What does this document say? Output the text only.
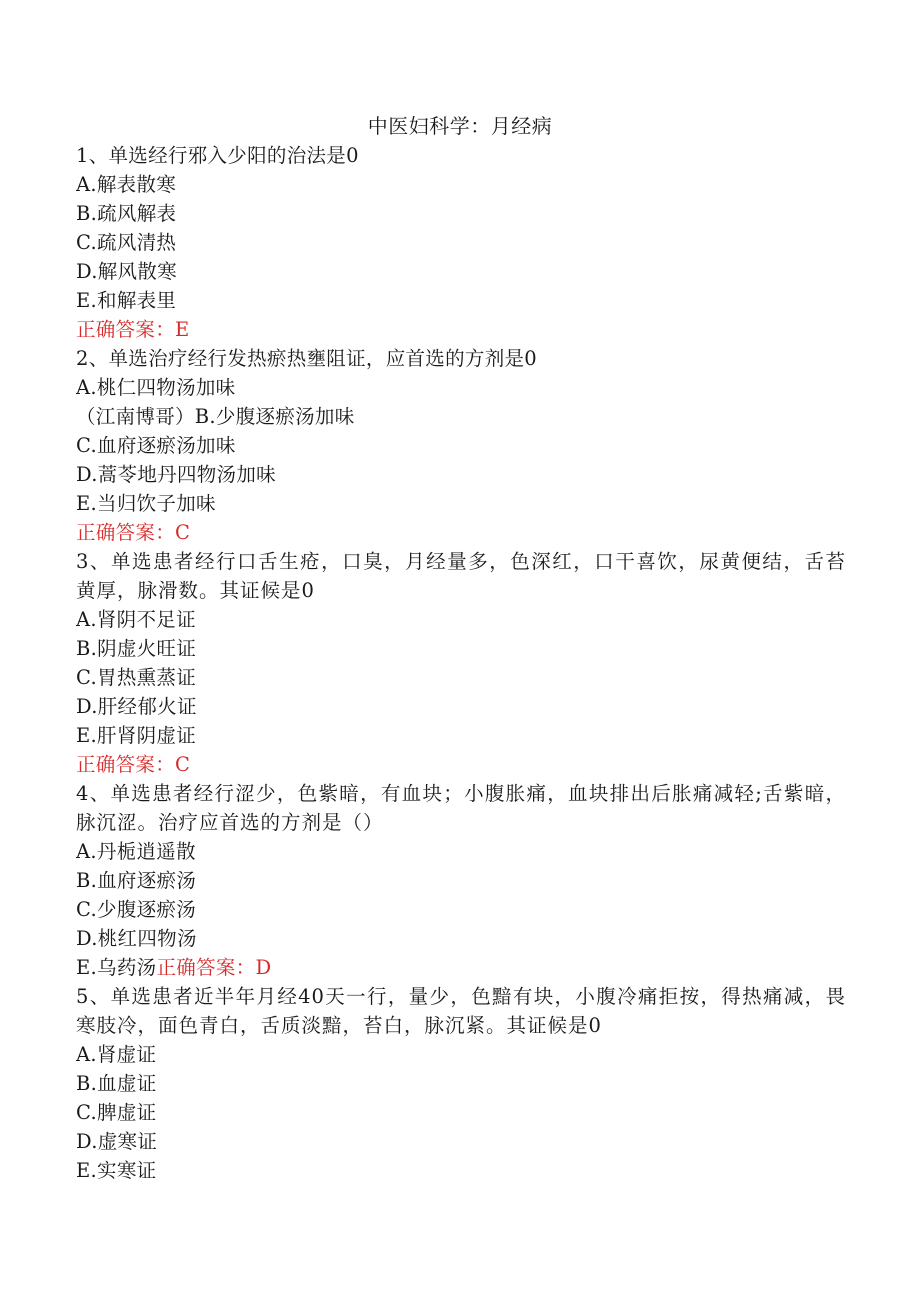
中医妇科学：月经病
1、单选经行邪入少阳的治法是0
A.解表散寒
B.疏风解表
C.疏风清热
D.解风散寒
E.和解表里
正确答案：E
2、单选治疗经行发热瘀热壅阻证，应首选的方剂是0
A.桃仁四物汤加味
（江南博哥）B.少腹逐瘀汤加味
C.血府逐瘀汤加味
D.蒿苓地丹四物汤加味
E.当归饮子加味
正确答案：C
3、单选患者经行口舌生疮，口臭，月经量多，色深红，口干喜饮，尿黄便结，舌苔黄厚，脉滑数。其证候是0
A.肾阴不足证
B.阴虚火旺证
C.胃热熏蒸证
D.肝经郁火证
E.肝肾阴虚证
正确答案：C
4、单选患者经行涩少，色紫暗，有血块；小腹胀痛，血块排出后胀痛减轻;舌紫暗，脉沉涩。治疗应首选的方剂是（）
A.丹栀逍遥散
B.血府逐瘀汤
C.少腹逐瘀汤
D.桃红四物汤
E.乌药汤正确答案：D
5、单选患者近半年月经40天一行，量少，色黯有块，小腹冷痛拒按，得热痛减，畏寒肢冷，面色青白，舌质淡黯，苔白，脉沉紧。其证候是0
A.肾虚证
B.血虚证
C.脾虚证
D.虚寒证
E.实寒证
